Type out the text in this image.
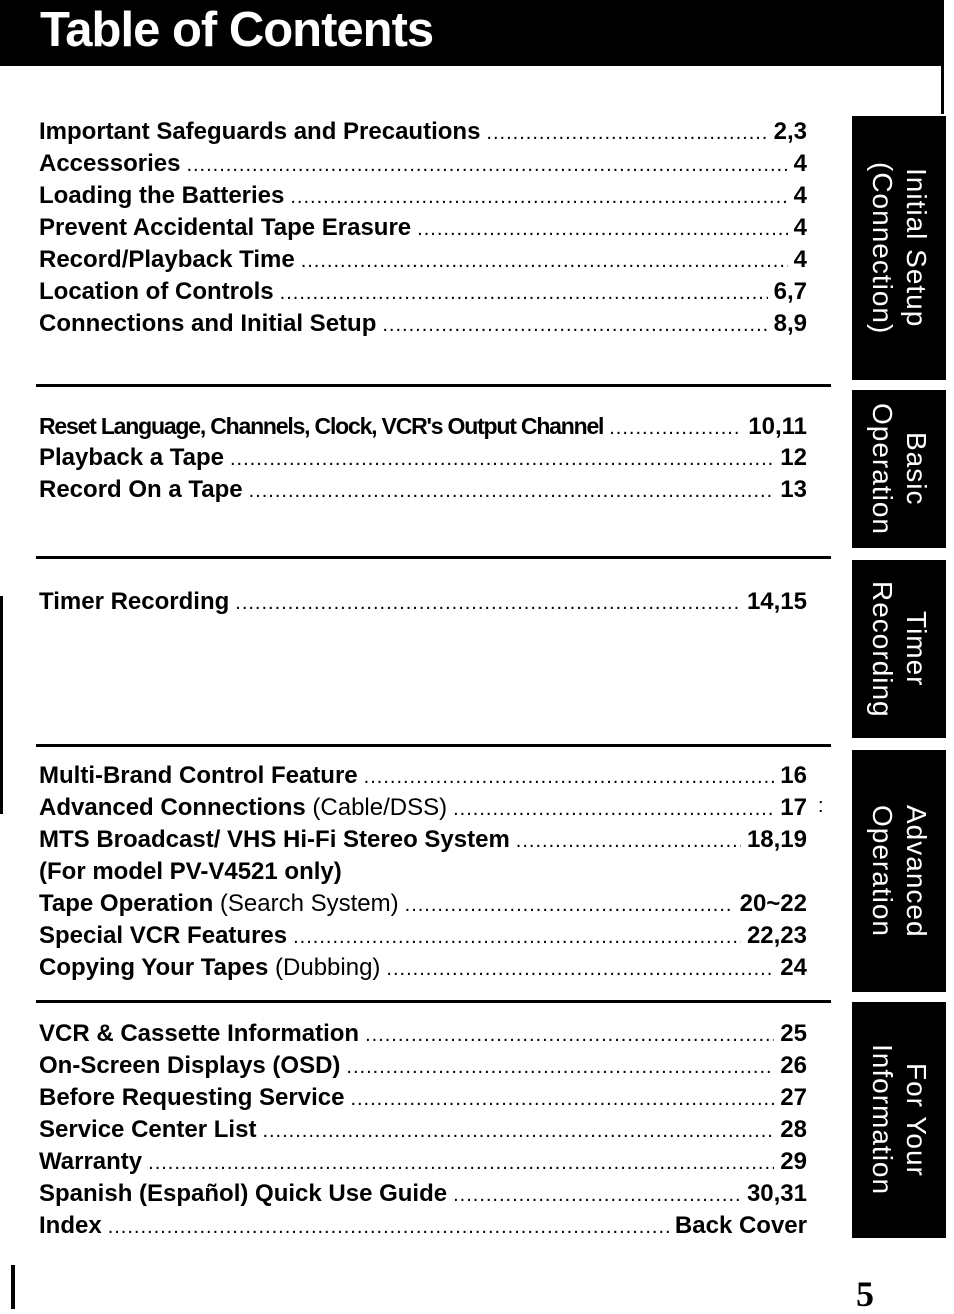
Table of Contents
Important Safeguards and Precautions .....	2,3
Accessories .....	4
Loading the Batteries .....	4
Prevent Accidental Tape Erasure .....	4
Record/Playback Time .....	4
Location of Controls .....	6,7
Connections and Initial Setup .....	8,9
Reset Language, Channels, Clock, VCR's Output Channel .....	10,11
Playback a Tape .....	12
Record On a Tape .....	13
Timer Recording .....	14,15
Multi-Brand Control Feature .....	16
Advanced Connections (Cable/DSS) .....	17
MTS Broadcast/ VHS Hi-Fi Stereo System .....	18,19
(For model PV-V4521 only)
Tape Operation (Search System) .....	20~22
Special VCR Features .....	22,23
Copying Your Tapes (Dubbing) .....	24
VCR & Cassette Information .....	25
On-Screen Displays (OSD) .....	26
Before Requesting Service .....	27
Service Center List .....	28
Warranty .....	29
Spanish (Español) Quick Use Guide .....	30,31
Index .....	Back Cover
Initial Setup
(Connection)
Basic
Operation
Timer
Recording
Advanced
Operation
For Your
Information
:
5
